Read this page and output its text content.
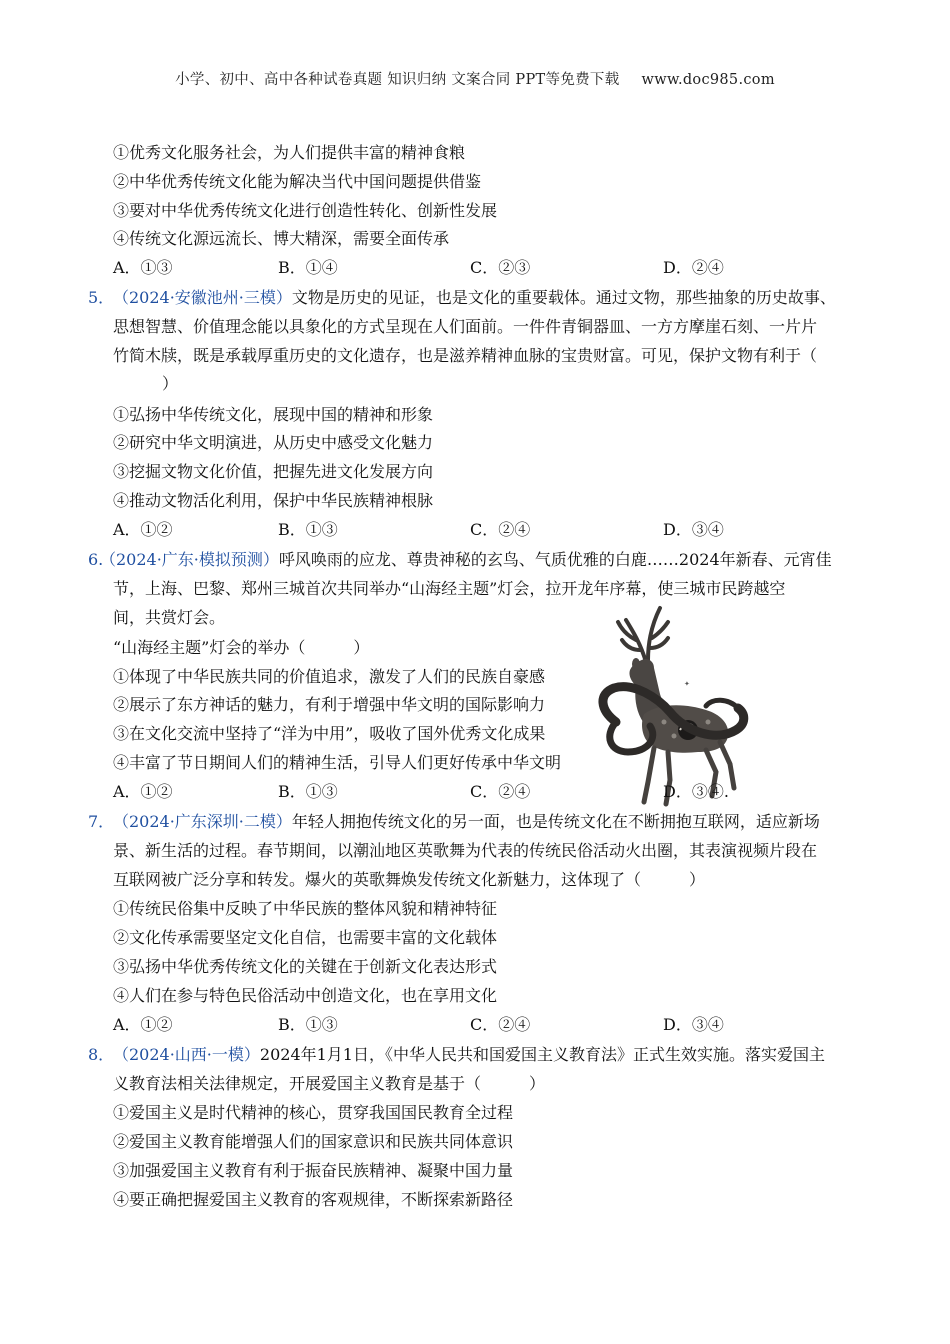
小学、初中、高中各种试卷真题 知识归纳 文案合同 PPT等免费下载 www.doc985.com
①优秀文化服务社会，为人们提供丰富的精神食粮
②中华优秀传统文化能为解决当代中国问题提供借鉴
③要对中华优秀传统文化进行创造性转化、创新性发展
④传统文化源远流长、博大精深，需要全面传承
A．①③	B．①④	C．②③	D．②④
5．
（2024·安徽池州·三模）文物是历史的见证，也是文化的重要载体。通过文物，那些抽象的历史故事、
思想智慧、价值理念能以具象化的方式呈现在人们面前。一件件青铜器皿、一方方摩崖石刻、一片片
竹简木牍，既是承载厚重历史的文化遗存，也是滋养精神血脉的宝贵财富。可见，保护文物有利于（
）
①弘扬中华传统文化，展现中国的精神和形象
②研究中华文明演进，从历史中感受文化魅力
③挖掘文物文化价值，把握先进文化发展方向
④推动文物活化利用，保护中华民族精神根脉
A．①②	B．①③	C．②④	D．③④
6.
（2024·广东·模拟预测）呼风唤雨的应龙、尊贵神秘的玄鸟、气质优雅的白鹿……2024年新春、元宵佳
节，上海、巴黎、郑州三城首次共同举办“山海经主题”灯会，拉开龙年序幕，使三城市民跨越空
间，共赏灯会。
“山海经主题”灯会的举办（　　　）
①体现了中华民族共同的价值追求，激发了人们的民族自豪感
②展示了东方神话的魅力，有利于增强中华文明的国际影响力
③在文化交流中坚持了“洋为中用”，吸收了国外优秀文化成果
④丰富了节日期间人们的精神生活，引导人们更好传承中华文明
✦
A．①②	B．①③	C．②④	D．③④.
7．
（2024·广东深圳·二模）年轻人拥抱传统文化的另一面，也是传统文化在不断拥抱互联网，适应新场
景、新生活的过程。春节期间，以潮汕地区英歌舞为代表的传统民俗活动火出圈，其表演视频片段在
互联网被广泛分享和转发。爆火的英歌舞焕发传统文化新魅力，这体现了（　　　）
①传统民俗集中反映了中华民族的整体风貌和精神特征
②文化传承需要坚定文化自信，也需要丰富的文化载体
③弘扬中华优秀传统文化的关键在于创新文化表达形式
④人们在参与特色民俗活动中创造文化，也在享用文化
A．①②	B．①③	C．②④	D．③④
8．
（2024·山西·一模）2024年1月1日，《中华人民共和国爱国主义教育法》正式生效实施。落实爱国主
义教育法相关法律规定，开展爱国主义教育是基于（　　　）
①爱国主义是时代精神的核心，贯穿我国国民教育全过程
②爱国主义教育能增强人们的国家意识和民族共同体意识
③加强爱国主义教育有利于振奋民族精神、凝聚中国力量
④要正确把握爱国主义教育的客观规律，不断探索新路径
